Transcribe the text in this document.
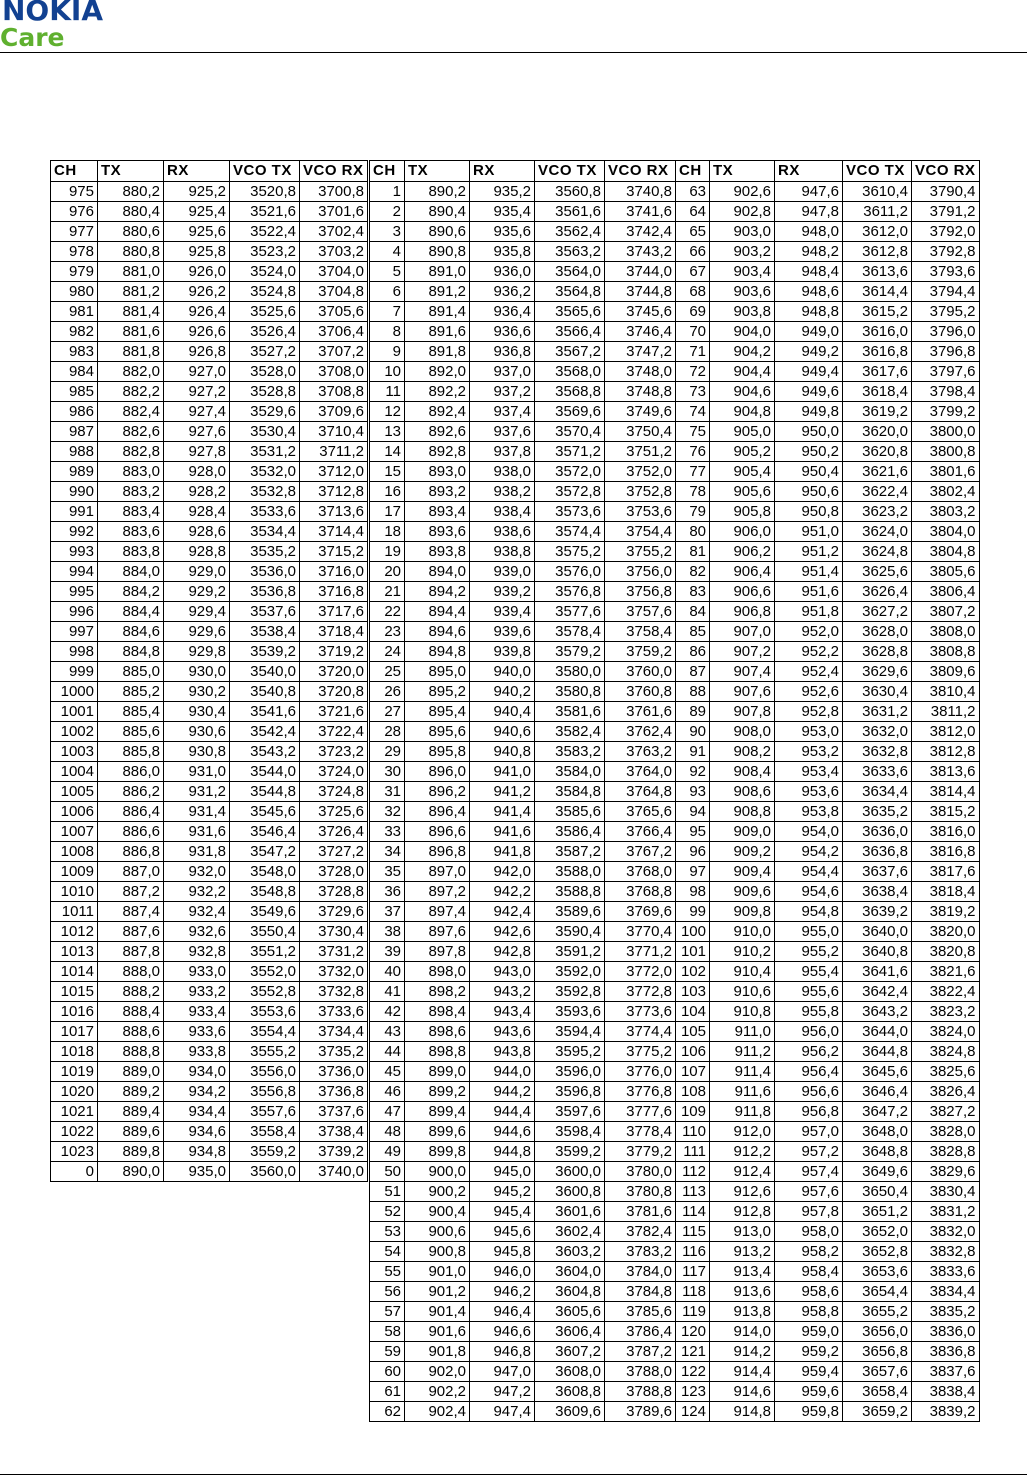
NOKIA
Care
CH	TX	RX	VCO TX	VCO RX
975	880,2	925,2	3520,8	3700,8
976	880,4	925,4	3521,6	3701,6
977	880,6	925,6	3522,4	3702,4
978	880,8	925,8	3523,2	3703,2
979	881,0	926,0	3524,0	3704,0
980	881,2	926,2	3524,8	3704,8
981	881,4	926,4	3525,6	3705,6
982	881,6	926,6	3526,4	3706,4
983	881,8	926,8	3527,2	3707,2
984	882,0	927,0	3528,0	3708,0
985	882,2	927,2	3528,8	3708,8
986	882,4	927,4	3529,6	3709,6
987	882,6	927,6	3530,4	3710,4
988	882,8	927,8	3531,2	3711,2
989	883,0	928,0	3532,0	3712,0
990	883,2	928,2	3532,8	3712,8
991	883,4	928,4	3533,6	3713,6
992	883,6	928,6	3534,4	3714,4
993	883,8	928,8	3535,2	3715,2
994	884,0	929,0	3536,0	3716,0
995	884,2	929,2	3536,8	3716,8
996	884,4	929,4	3537,6	3717,6
997	884,6	929,6	3538,4	3718,4
998	884,8	929,8	3539,2	3719,2
999	885,0	930,0	3540,0	3720,0
1000	885,2	930,2	3540,8	3720,8
1001	885,4	930,4	3541,6	3721,6
1002	885,6	930,6	3542,4	3722,4
1003	885,8	930,8	3543,2	3723,2
1004	886,0	931,0	3544,0	3724,0
1005	886,2	931,2	3544,8	3724,8
1006	886,4	931,4	3545,6	3725,6
1007	886,6	931,6	3546,4	3726,4
1008	886,8	931,8	3547,2	3727,2
1009	887,0	932,0	3548,0	3728,0
1010	887,2	932,2	3548,8	3728,8
1011	887,4	932,4	3549,6	3729,6
1012	887,6	932,6	3550,4	3730,4
1013	887,8	932,8	3551,2	3731,2
1014	888,0	933,0	3552,0	3732,0
1015	888,2	933,2	3552,8	3732,8
1016	888,4	933,4	3553,6	3733,6
1017	888,6	933,6	3554,4	3734,4
1018	888,8	933,8	3555,2	3735,2
1019	889,0	934,0	3556,0	3736,0
1020	889,2	934,2	3556,8	3736,8
1021	889,4	934,4	3557,6	3737,6
1022	889,6	934,6	3558,4	3738,4
1023	889,8	934,8	3559,2	3739,2
0	890,0	935,0	3560,0	3740,0
CH	TX	RX	VCO TX	VCO RX
1	890,2	935,2	3560,8	3740,8
2	890,4	935,4	3561,6	3741,6
3	890,6	935,6	3562,4	3742,4
4	890,8	935,8	3563,2	3743,2
5	891,0	936,0	3564,0	3744,0
6	891,2	936,2	3564,8	3744,8
7	891,4	936,4	3565,6	3745,6
8	891,6	936,6	3566,4	3746,4
9	891,8	936,8	3567,2	3747,2
10	892,0	937,0	3568,0	3748,0
11	892,2	937,2	3568,8	3748,8
12	892,4	937,4	3569,6	3749,6
13	892,6	937,6	3570,4	3750,4
14	892,8	937,8	3571,2	3751,2
15	893,0	938,0	3572,0	3752,0
16	893,2	938,2	3572,8	3752,8
17	893,4	938,4	3573,6	3753,6
18	893,6	938,6	3574,4	3754,4
19	893,8	938,8	3575,2	3755,2
20	894,0	939,0	3576,0	3756,0
21	894,2	939,2	3576,8	3756,8
22	894,4	939,4	3577,6	3757,6
23	894,6	939,6	3578,4	3758,4
24	894,8	939,8	3579,2	3759,2
25	895,0	940,0	3580,0	3760,0
26	895,2	940,2	3580,8	3760,8
27	895,4	940,4	3581,6	3761,6
28	895,6	940,6	3582,4	3762,4
29	895,8	940,8	3583,2	3763,2
30	896,0	941,0	3584,0	3764,0
31	896,2	941,2	3584,8	3764,8
32	896,4	941,4	3585,6	3765,6
33	896,6	941,6	3586,4	3766,4
34	896,8	941,8	3587,2	3767,2
35	897,0	942,0	3588,0	3768,0
36	897,2	942,2	3588,8	3768,8
37	897,4	942,4	3589,6	3769,6
38	897,6	942,6	3590,4	3770,4
39	897,8	942,8	3591,2	3771,2
40	898,0	943,0	3592,0	3772,0
41	898,2	943,2	3592,8	3772,8
42	898,4	943,4	3593,6	3773,6
43	898,6	943,6	3594,4	3774,4
44	898,8	943,8	3595,2	3775,2
45	899,0	944,0	3596,0	3776,0
46	899,2	944,2	3596,8	3776,8
47	899,4	944,4	3597,6	3777,6
48	899,6	944,6	3598,4	3778,4
49	899,8	944,8	3599,2	3779,2
50	900,0	945,0	3600,0	3780,0
51	900,2	945,2	3600,8	3780,8
52	900,4	945,4	3601,6	3781,6
53	900,6	945,6	3602,4	3782,4
54	900,8	945,8	3603,2	3783,2
55	901,0	946,0	3604,0	3784,0
56	901,2	946,2	3604,8	3784,8
57	901,4	946,4	3605,6	3785,6
58	901,6	946,6	3606,4	3786,4
59	901,8	946,8	3607,2	3787,2
60	902,0	947,0	3608,0	3788,0
61	902,2	947,2	3608,8	3788,8
62	902,4	947,4	3609,6	3789,6
CH	TX	RX	VCO TX	VCO RX
63	902,6	947,6	3610,4	3790,4
64	902,8	947,8	3611,2	3791,2
65	903,0	948,0	3612,0	3792,0
66	903,2	948,2	3612,8	3792,8
67	903,4	948,4	3613,6	3793,6
68	903,6	948,6	3614,4	3794,4
69	903,8	948,8	3615,2	3795,2
70	904,0	949,0	3616,0	3796,0
71	904,2	949,2	3616,8	3796,8
72	904,4	949,4	3617,6	3797,6
73	904,6	949,6	3618,4	3798,4
74	904,8	949,8	3619,2	3799,2
75	905,0	950,0	3620,0	3800,0
76	905,2	950,2	3620,8	3800,8
77	905,4	950,4	3621,6	3801,6
78	905,6	950,6	3622,4	3802,4
79	905,8	950,8	3623,2	3803,2
80	906,0	951,0	3624,0	3804,0
81	906,2	951,2	3624,8	3804,8
82	906,4	951,4	3625,6	3805,6
83	906,6	951,6	3626,4	3806,4
84	906,8	951,8	3627,2	3807,2
85	907,0	952,0	3628,0	3808,0
86	907,2	952,2	3628,8	3808,8
87	907,4	952,4	3629,6	3809,6
88	907,6	952,6	3630,4	3810,4
89	907,8	952,8	3631,2	3811,2
90	908,0	953,0	3632,0	3812,0
91	908,2	953,2	3632,8	3812,8
92	908,4	953,4	3633,6	3813,6
93	908,6	953,6	3634,4	3814,4
94	908,8	953,8	3635,2	3815,2
95	909,0	954,0	3636,0	3816,0
96	909,2	954,2	3636,8	3816,8
97	909,4	954,4	3637,6	3817,6
98	909,6	954,6	3638,4	3818,4
99	909,8	954,8	3639,2	3819,2
100	910,0	955,0	3640,0	3820,0
101	910,2	955,2	3640,8	3820,8
102	910,4	955,4	3641,6	3821,6
103	910,6	955,6	3642,4	3822,4
104	910,8	955,8	3643,2	3823,2
105	911,0	956,0	3644,0	3824,0
106	911,2	956,2	3644,8	3824,8
107	911,4	956,4	3645,6	3825,6
108	911,6	956,6	3646,4	3826,4
109	911,8	956,8	3647,2	3827,2
110	912,0	957,0	3648,0	3828,0
111	912,2	957,2	3648,8	3828,8
112	912,4	957,4	3649,6	3829,6
113	912,6	957,6	3650,4	3830,4
114	912,8	957,8	3651,2	3831,2
115	913,0	958,0	3652,0	3832,0
116	913,2	958,2	3652,8	3832,8
117	913,4	958,4	3653,6	3833,6
118	913,6	958,6	3654,4	3834,4
119	913,8	958,8	3655,2	3835,2
120	914,0	959,0	3656,0	3836,0
121	914,2	959,2	3656,8	3836,8
122	914,4	959,4	3657,6	3837,6
123	914,6	959,6	3658,4	3838,4
124	914,8	959,8	3659,2	3839,2
